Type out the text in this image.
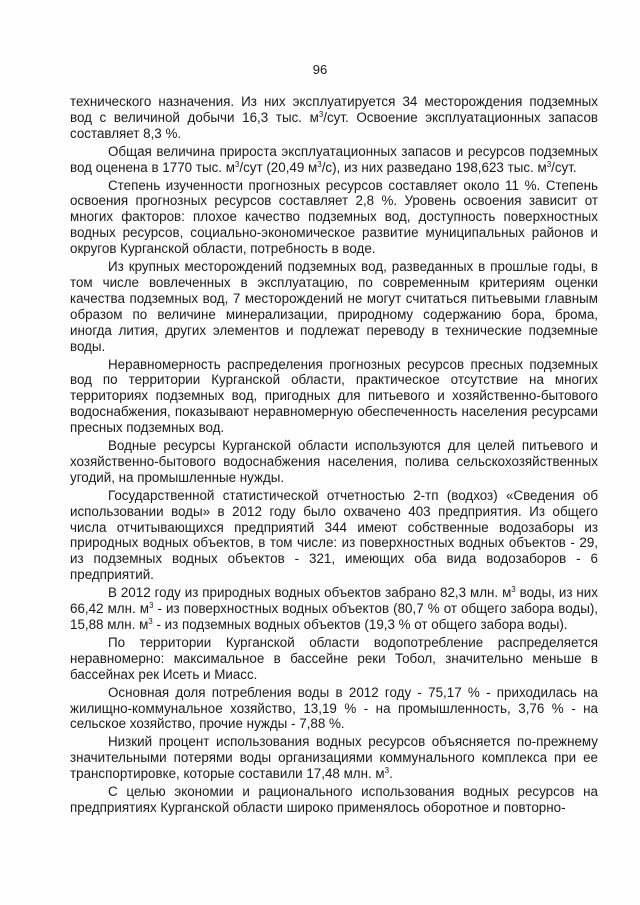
96

технического назначения. Из них эксплуатируется 34 месторождения подземных вод с величиной добычи 16,3 тыс. $м^3$/сут. Освоение эксплуатационных запасов составляет 8,3 %.

Общая величина прироста эксплуатационных запасов и ресурсов подземных вод оценена в 1770 тыс. $м^3$/сут (20,49 $м^3/с$), из них разведано 198,623 тыс. $м^3$/сут.

Степень изученности прогнозных ресурсов составляет около 11 %. Степень освоения прогнозных ресурсов составляет 2,8 %. Уровень освоения зависит от многих факторов: плохое качество подземных вод, доступность поверхностных водных ресурсов, социально-экономическое развитие муниципальных районов и округов Курганской области, потребность в воде.

Из крупных месторождений подземных вод, разведанных в прошлые годы, в том числе вовлеченных в эксплуатацию, по современным критериям оценки качества подземных вод, 7 месторождений не могут считаться питьевыми главным образом по величине минерализации, природному содержанию бора, брома, иногда лития, других элементов и подлежат переводу в технические подземные воды.

Неравномерность распределения прогнозных ресурсов пресных подземных вод по территории Курганской области, практическое отсутствие на многих территориях подземных вод, пригодных для питьевого и хозяйственно-бытового водоснабжения, показывают неравномерную обеспеченность населения ресурсами пресных подземных вод.

Водные ресурсы Курганской области используются для целей питьевого и хозяйственно-бытового водоснабжения населения, полива сельскохозяйственных угодий, на промышленные нужды.

Государственной статистической отчетностью 2-тп (водхоз) «Сведения об использовании воды» в 2012 году было охвачено 403 предприятия. Из общего числа отчитывающихся предприятий 344 имеют собственные водозаборы из природных водных объектов, в том числе: из поверхностных водных объектов - 29, из подземных водных объектов - 321, имеющих оба вида водозаборов - 6 предприятий.

В 2012 году из природных водных объектов забрано 82,3 млн. $м^3$ воды, из них 66,42 млн. $м^3$ - из поверхностных водных объектов (80,7 % от общего забора воды), 15,88 млн. $м^3$ - из подземных водных объектов (19,3 % от общего забора воды).

По территории Курганской области водопотребление распределяется неравномерно: максимальное в бассейне реки Тобол, значительно меньше в бассейнах рек Исеть и Миасс.

Основная доля потребления воды в 2012 году - 75,17 % - приходилась на жилищно-коммунальное хозяйство, 13,19 % - на промышленность, 3,76 % - на сельское хозяйство, прочие нужды - 7,88 %.

Низкий процент использования водных ресурсов объясняется по-прежнему значительными потерями воды организациями коммунального комплекса при ее транспортировке, которые составили 17,48 млн. $м^3$.

С целью экономии и рационального использования водных ресурсов на предприятиях Курганской области широко применялось оборотное и повторно-
